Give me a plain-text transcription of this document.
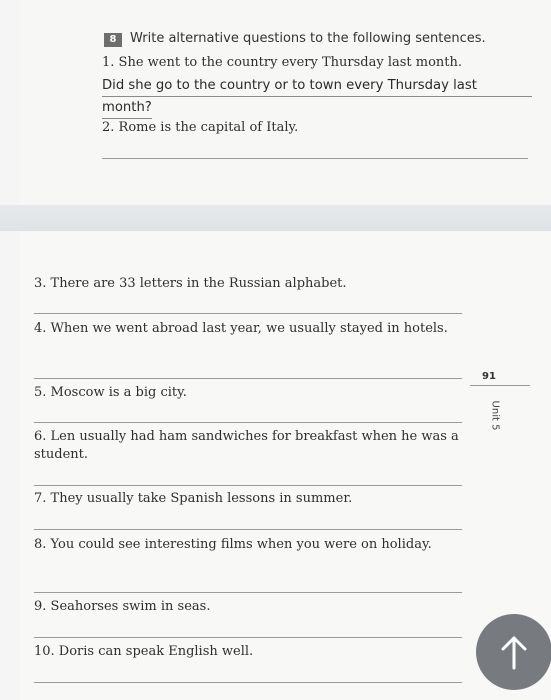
8	Write alternative questions to the following sentences.
1. She went to the country every Thursday last month.
Did she go to the country or to town every Thursday last
month?
2. Rome is the capital of Italy.
3. There are 33 letters in the Russian alphabet.
4. When we went abroad last year, we usually stayed in hotels.
5. Moscow is a big city.
6. Len usually had ham sandwiches for breakfast when he was a student.
7. They usually take Spanish lessons in summer.
8. You could see interesting films when you were on holiday.
9. Seahorses swim in seas.
10. Doris can speak English well.
91
Unit 5
